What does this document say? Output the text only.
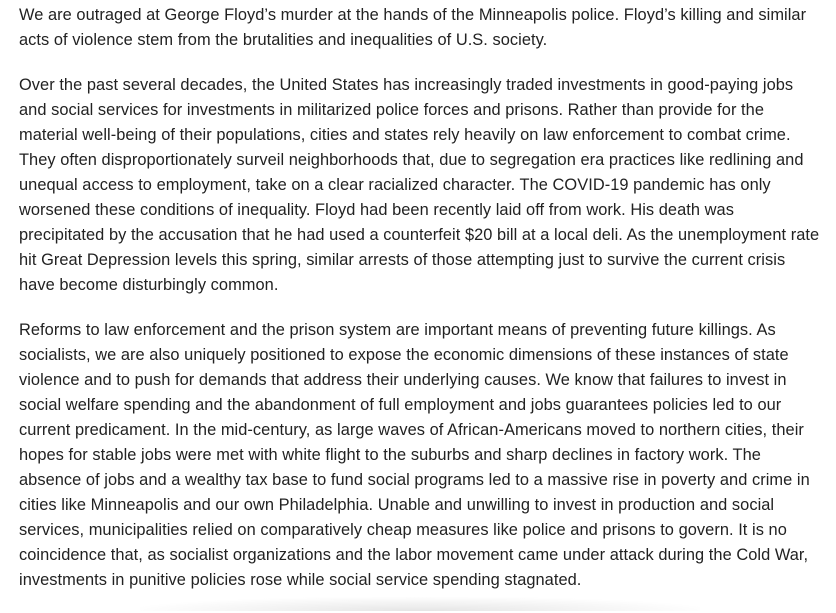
We are outraged at George Floyd’s murder at the hands of the Minneapolis police. Floyd’s killing and similar acts of violence stem from the brutalities and inequalities of U.S. society.

Over the past several decades, the United States has increasingly traded investments in good-paying jobs and social services for investments in militarized police forces and prisons. Rather than provide for the material well-being of their populations, cities and states rely heavily on law enforcement to combat crime. They often disproportionately surveil neighborhoods that, due to segregation era practices like redlining and unequal access to employment, take on a clear racialized character. The COVID-19 pandemic has only worsened these conditions of inequality. Floyd had been recently laid off from work. His death was precipitated by the accusation that he had used a counterfeit $20 bill at a local deli. As the unemployment rate hit Great Depression levels this spring, similar arrests of those attempting just to survive the current crisis have become disturbingly common.

Reforms to law enforcement and the prison system are important means of preventing future killings. As socialists, we are also uniquely positioned to expose the economic dimensions of these instances of state violence and to push for demands that address their underlying causes. We know that failures to invest in social welfare spending and the abandonment of full employment and jobs guarantees policies led to our current predicament. In the mid-century, as large waves of African-Americans moved to northern cities, their hopes for stable jobs were met with white flight to the suburbs and sharp declines in factory work. The absence of jobs and a wealthy tax base to fund social programs led to a massive rise in poverty and crime in cities like Minneapolis and our own Philadelphia. Unable and unwilling to invest in production and social services, municipalities relied on comparatively cheap measures like police and prisons to govern. It is no coincidence that, as socialist organizations and the labor movement came under attack during the Cold War, investments in punitive policies rose while social service spending stagnated.
